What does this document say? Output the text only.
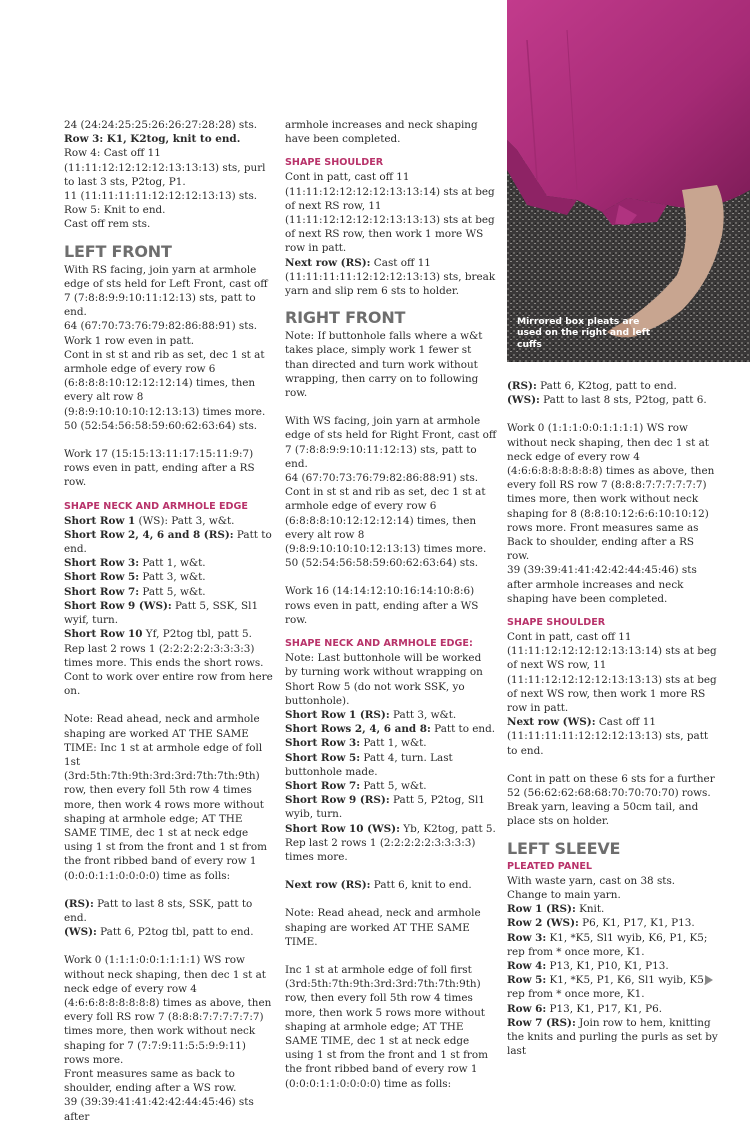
Mirrored box pleats are used on the right and left cuffs

24 (24:24:25:25:26:26:27:28:28) sts.

Row 3: K1, K2tog, knit to end.

Row 4: Cast off 11 (11:11:12:12:12:12:13:13:13) sts, purl to last 3 sts, P2tog, P1.

11 (11:11:11:11:12:12:12:13:13) sts.

Row 5: Knit to end.

Cast off rem sts.

LEFT FRONT

With RS facing, join yarn at armhole edge of sts held for Left Front, cast off 7 (7:8:8:9:9:10:11:12:13) sts, patt to end.

64 (67:70:73:76:79:82:86:88:91) sts.

Work 1 row even in patt.

Cont in st st and rib as set, dec 1 st at armhole edge of every row 6 (6:8:8:8:10:12:12:12:14) times, then every alt row 8 (9:8:9:10:10:10:12:13:13) times more.

50 (52:54:56:58:59:60:62:63:64) sts.

Work 17 (15:15:13:11:17:15:11:9:7) rows even in patt, ending after a RS row.

SHAPE NECK AND ARMHOLE EDGE

Short Row 1 (WS): Patt 3, w&t.

Short Row 2, 4, 6 and 8 (RS): Patt to end.

Short Row 3: Patt 1, w&t.

Short Row 5: Patt 3, w&t.

Short Row 7: Patt 5, w&t.

Short Row 9 (WS): Patt 5, SSK, Sl1 wyif, turn.

Short Row 10 Yf, P2tog tbl, patt 5.

Rep last 2 rows 1 (2:2:2:2:2:3:3:3:3) times more. This ends the short rows. Cont to work over entire row from here on.

Note: Read ahead, neck and armhole shaping are worked AT THE SAME TIME: Inc 1 st at armhole edge of foll 1st (3rd:5th:7th:9th:3rd:3rd:7th:7th:9th) row, then every foll 5th row 4 times more, then work 4 rows more without shaping at armhole edge; AT THE SAME TIME, dec 1 st at neck edge using 1 st from the front and 1 st from the front ribbed band of every row 1 (0:0:0:1:1:0:0:0:0) time as folls:

(RS): Patt to last 8 sts, SSK, patt to end.

(WS): Patt 6, P2tog tbl, patt to end.

Work 0 (1:1:1:0:0:1:1:1:1) WS row without neck shaping, then dec 1 st at neck edge of every row 4 (4:6:6:8:8:8:8:8:8) times as above, then every foll RS row 7 (8:8:8:7:7:7:7:7:7) times more, then work without neck shaping for 7 (7:7:9:11:5:5:9:9:11) rows more.

Front measures same as back to shoulder, ending after a WS row.

39 (39:39:41:41:42:42:44:45:46) sts after

armhole increases and neck shaping have been completed.

SHAPE SHOULDER

Cont in patt, cast off 11 (11:11:12:12:12:12:13:13:14) sts at beg of next RS row, 11 (11:11:12:12:12:12:13:13:13) sts at beg of next RS row, then work 1 more WS row in patt.

Next row (RS): Cast off 11 (11:11:11:11:12:12:12:13:13) sts, break yarn and slip rem 6 sts to holder.

RIGHT FRONT

Note: If buttonhole falls where a w&t takes place, simply work 1 fewer st than directed and turn work without wrapping, then carry on to following row.

With WS facing, join yarn at armhole edge of sts held for Right Front, cast off 7 (7:8:8:9:9:10:11:12:13) sts, patt to end.

64 (67:70:73:76:79:82:86:88:91) sts.

Cont in st st and rib as set, dec 1 st at armhole edge of every row 6 (6:8:8:8:10:12:12:12:14) times, then every alt row 8 (9:8:9:10:10:10:12:13:13) times more.

50 (52:54:56:58:59:60:62:63:64) sts.

Work 16 (14:14:12:10:16:14:10:8:6) rows even in patt, ending after a WS row.

SHAPE NECK AND ARMHOLE EDGE:

Note: Last buttonhole will be worked by turning work without wrapping on Short Row 5 (do not work SSK, yo buttonhole).

Short Row 1 (RS): Patt 3, w&t.

Short Rows 2, 4, 6 and 8: Patt to end.

Short Row 3: Patt 1, w&t.

Short Row 5: Patt 4, turn. Last buttonhole made.

Short Row 7: Patt 5, w&t.

Short Row 9 (RS): Patt 5, P2tog, Sl1 wyib, turn.

Short Row 10 (WS): Yb, K2tog, patt 5.

Rep last 2 rows 1 (2:2:2:2:2:3:3:3:3) times more.

Next row (RS): Patt 6, knit to end.

Note: Read ahead, neck and armhole shaping are worked AT THE SAME TIME.

Inc 1 st at armhole edge of foll first (3rd:5th:7th:9th:3rd:3rd:7th:7th:9th) row, then every foll 5th row 4 times more, then work 5 rows more without shaping at armhole edge; AT THE SAME TIME, dec 1 st at neck edge using 1 st from the front and 1 st from the front ribbed band of every row 1 (0:0:0:1:1:0:0:0:0) time as folls:

(RS): Patt 6, K2tog, patt to end.

(WS): Patt to last 8 sts, P2tog, patt 6.

Work 0 (1:1:1:0:0:1:1:1:1) WS row without neck shaping, then dec 1 st at neck edge of every row 4 (4:6:6:8:8:8:8:8:8) times as above, then every foll RS row 7 (8:8:8:7:7:7:7:7:7) times more, then work without neck shaping for 8 (8:8:10:12:6:6:10:10:12) rows more. Front measures same as Back to shoulder, ending after a RS row.

39 (39:39:41:41:42:42:44:45:46) sts after armhole increases and neck shaping have been completed.

SHAPE SHOULDER

Cont in patt, cast off 11 (11:11:12:12:12:12:13:13:14) sts at beg of next WS row, 11 (11:11:12:12:12:12:13:13:13) sts at beg of next WS row, then work 1 more RS row in patt.

Next row (WS): Cast off 11 (11:11:11:11:12:12:12:13:13) sts, patt to end.

Cont in patt on these 6 sts for a further 52 (56:62:62:68:68:70:70:70:70) rows. Break yarn, leaving a 50cm tail, and place sts on holder.

LEFT SLEEVE
PLEATED PANEL

With waste yarn, cast on 38 sts.

Change to main yarn.

Row 1 (RS): Knit.

Row 2 (WS): P6, K1, P17, K1, P13.

Row 3: K1, *K5, Sl1 wyib, K6, P1, K5; rep from * once more, K1.

Row 4: P13, K1, P10, K1, P13.

Row 5: K1, *K5, P1, K6, Sl1 wyib, K5; rep from * once more, K1.

Row 6: P13, K1, P17, K1, P6.

Row 7 (RS): Join row to hem, knitting the knits and purling the purls as set by last
